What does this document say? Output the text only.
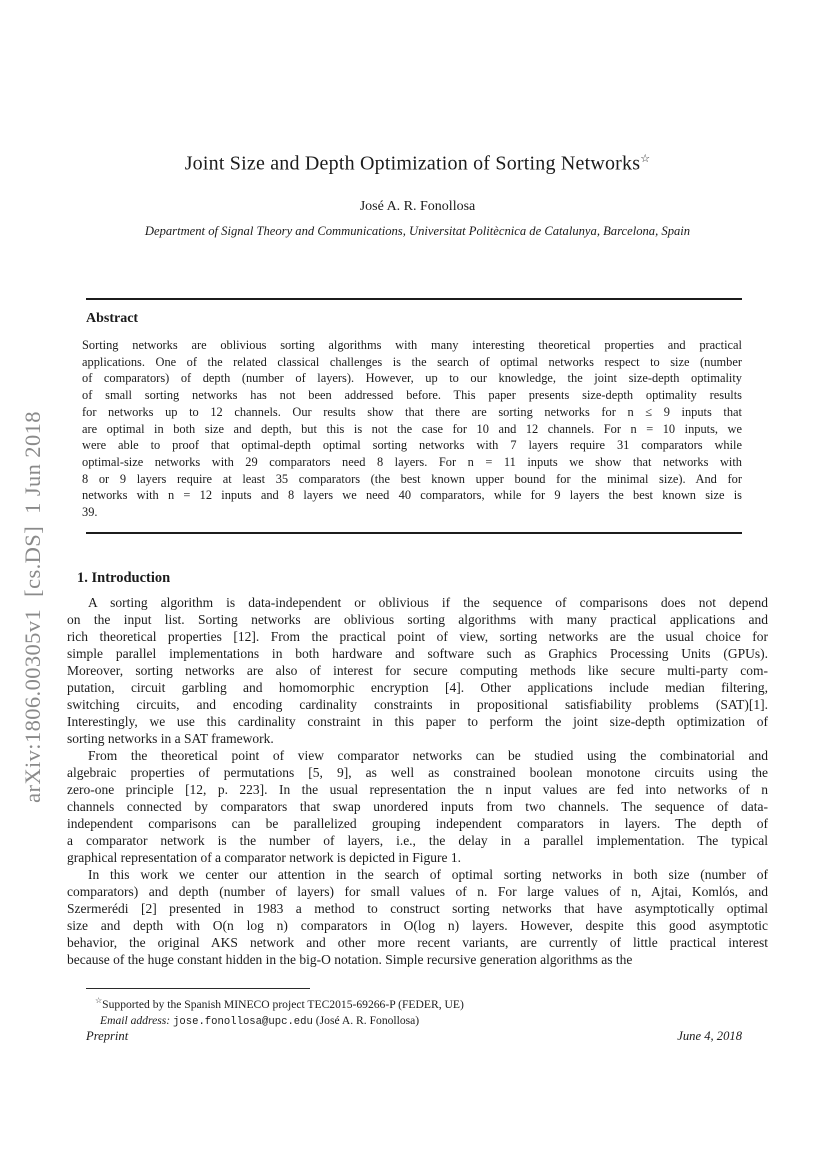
arXiv:1806.00305v1  [cs.DS]  1 Jun 2018
Joint Size and Depth Optimization of Sorting Networks☆
José A. R. Fonollosa
Department of Signal Theory and Communications, Universitat Politècnica de Catalunya, Barcelona, Spain
Abstract
Sorting networks are oblivious sorting algorithms with many interesting theoretical properties and practical
applications. One of the related classical challenges is the search of optimal networks respect to size (number
of comparators) of depth (number of layers). However, up to our knowledge, the joint size-depth optimality
of small sorting networks has not been addressed before. This paper presents size-depth optimality results
for networks up to 12 channels. Our results show that there are sorting networks for n ≤ 9 inputs that
are optimal in both size and depth, but this is not the case for 10 and 12 channels. For n = 10 inputs, we
were able to proof that optimal-depth optimal sorting networks with 7 layers require 31 comparators while
optimal-size networks with 29 comparators need 8 layers. For n = 11 inputs we show that networks with
8 or 9 layers require at least 35 comparators (the best known upper bound for the minimal size). And for
networks with n = 12 inputs and 8 layers we need 40 comparators, while for 9 layers the best known size is
39.
1. Introduction
A sorting algorithm is data-independent or oblivious if the sequence of comparisons does not depend
on the input list. Sorting networks are oblivious sorting algorithms with many practical applications and
rich theoretical properties [12]. From the practical point of view, sorting networks are the usual choice for
simple parallel implementations in both hardware and software such as Graphics Processing Units (GPUs).
Moreover, sorting networks are also of interest for secure computing methods like secure multi-party com-
putation, circuit garbling and homomorphic encryption [4]. Other applications include median filtering,
switching circuits, and encoding cardinality constraints in propositional satisfiability problems (SAT)[1].
Interestingly, we use this cardinality constraint in this paper to perform the joint size-depth optimization of
sorting networks in a SAT framework.
From the theoretical point of view comparator networks can be studied using the combinatorial and
algebraic properties of permutations [5, 9], as well as constrained boolean monotone circuits using the
zero-one principle [12, p. 223]. In the usual representation the n input values are fed into networks of n
channels connected by comparators that swap unordered inputs from two channels. The sequence of data-
independent comparisons can be parallelized grouping independent comparators in layers. The depth of
a comparator network is the number of layers, i.e., the delay in a parallel implementation. The typical
graphical representation of a comparator network is depicted in Figure 1.
In this work we center our attention in the search of optimal sorting networks in both size (number of
comparators) and depth (number of layers) for small values of n. For large values of n, Ajtai, Komlós, and
Szermerédi [2] presented in 1983 a method to construct sorting networks that have asymptotically optimal
size and depth with O(n log n) comparators in O(log n) layers. However, despite this good asymptotic
behavior, the original AKS network and other more recent variants, are currently of little practical interest
because of the huge constant hidden in the big-O notation. Simple recursive generation algorithms as the
☆Supported by the Spanish MINECO project TEC2015-69266-P (FEDER, UE)
Email address: jose.fonollosa@upc.edu (José A. R. Fonollosa)
Preprint	June 4, 2018
